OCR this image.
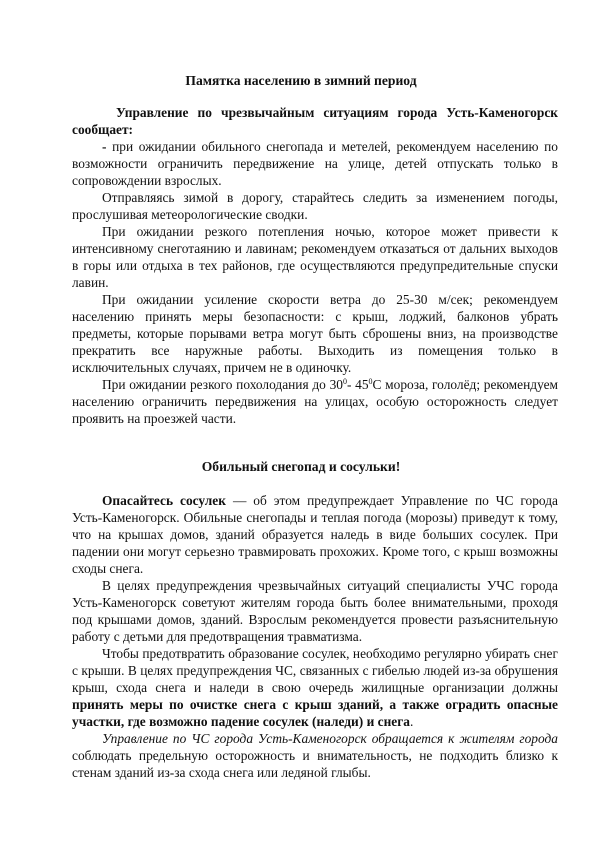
Памятка населению в зимний период

Управление по чрезвычайным ситуациям города Усть-Каменогорск сообщает:

- при ожидании обильного снегопада и метелей, рекомендуем населению по возможности ограничить передвижение на улице, детей отпускать только в сопровождении взрослых.

Отправляясь зимой в дорогу, старайтесь следить за изменением погоды, прослушивая метеорологические сводки.

При ожидании резкого потепления ночью, которое может привести к интенсивному снеготаянию и лавинам; рекомендуем отказаться от дальних выходов в горы или отдыха в тех районов, где осуществляются предупредительные спуски лавин.

При ожидании усиление скорости ветра до 25-30 м/сек; рекомендуем населению принять меры безопасности: с крыш, лоджий, балконов убрать предметы, которые порывами ветра могут быть сброшены вниз, на производстве прекратить все наружные работы. Выходить из помещения только в исключительных случаях, причем не в одиночку.

При ожидании резкого похолодания до $30^0-$ $45^0С$ мороза, гололёд; рекомендуем населению ограничить передвижения на улицах, особую осторожность следует проявить на проезжей части.

Обильный снегопад и сосульки!

Опасайтесь сосулек — об этом предупреждает Управление по ЧС города Усть-Каменогорск. Обильные снегопады и теплая погода (морозы) приведут к тому, что на крышах домов, зданий образуется наледь в виде больших сосулек. При падении они могут серьезно травмировать прохожих. Кроме того, с крыш возможны сходы снега.

В целях предупреждения чрезвычайных ситуаций специалисты УЧС города Усть-Каменогорск советуют жителям города быть более внимательными, проходя под крышами домов, зданий. Взрослым рекомендуется провести разъяснительную работу с детьми для предотвращения травматизма.

Чтобы предотвратить образование сосулек, необходимо регулярно убирать снег с крыши. В целях предупреждения ЧС, связанных с гибелью людей из-за обрушения крыш, схода снега и наледи в свою очередь жилищные организации должны принять меры по очистке снега с крыш зданий, а также оградить опасные участки, где возможно падение сосулек (наледи) и снега.

Управление по ЧС города Усть-Каменогорск обращается к жителям города соблюдать предельную осторожность и внимательность, не подходить близко к стенам зданий из-за схода снега или ледяной глыбы.
